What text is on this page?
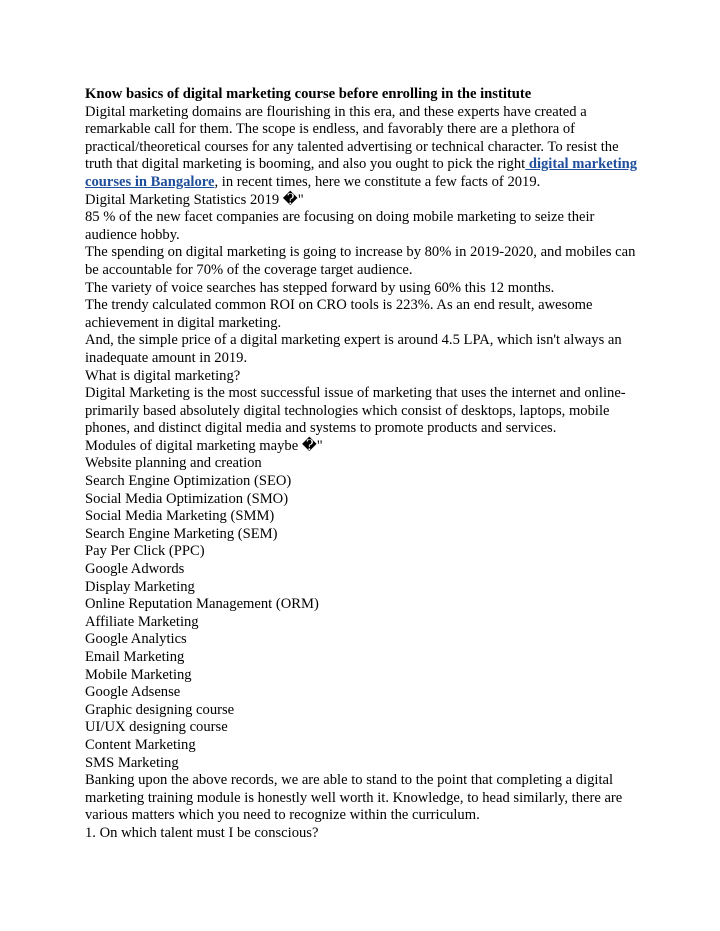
Know basics of digital marketing course before enrolling in the institute

Digital marketing domains are flourishing in this era, and these experts have created a remarkable call for them. The scope is endless, and favorably there are a plethora of practical/theoretical courses for any talented advertising or technical character. To resist the truth that digital marketing is booming, and also you ought to pick the right digital marketing courses in Bangalore, in recent times, here we constitute a few facts of 2019.

Digital Marketing Statistics 2019 �"

85 % of the new facet companies are focusing on doing mobile marketing to seize their audience hobby.

The spending on digital marketing is going to increase by 80% in 2019-2020, and mobiles can be accountable for 70% of the coverage target audience.

The variety of voice searches has stepped forward by using 60% this 12 months.

The trendy calculated common ROI on CRO tools is 223%. As an end result, awesome achievement in digital marketing.

And, the simple price of a digital marketing expert is around 4.5 LPA, which isn't always an inadequate amount in 2019.

What is digital marketing?

Digital Marketing is the most successful issue of marketing that uses the internet and online-primarily based absolutely digital technologies which consist of desktops, laptops, mobile phones, and distinct digital media and systems to promote products and services.

Modules of digital marketing maybe �"

Website planning and creation

Search Engine Optimization (SEO)

Social Media Optimization (SMO)

Social Media Marketing (SMM)

Search Engine Marketing (SEM)

Pay Per Click (PPC)

Google Adwords

Display Marketing

Online Reputation Management (ORM)

Affiliate Marketing

Google Analytics

Email Marketing

Mobile Marketing

Google Adsense

Graphic designing course

UI/UX designing course

Content Marketing

SMS Marketing

Banking upon the above records, we are able to stand to the point that completing a digital marketing training module is honestly well worth it. Knowledge, to head similarly, there are various matters which you need to recognize within the curriculum.

1. On which talent must I be conscious?
